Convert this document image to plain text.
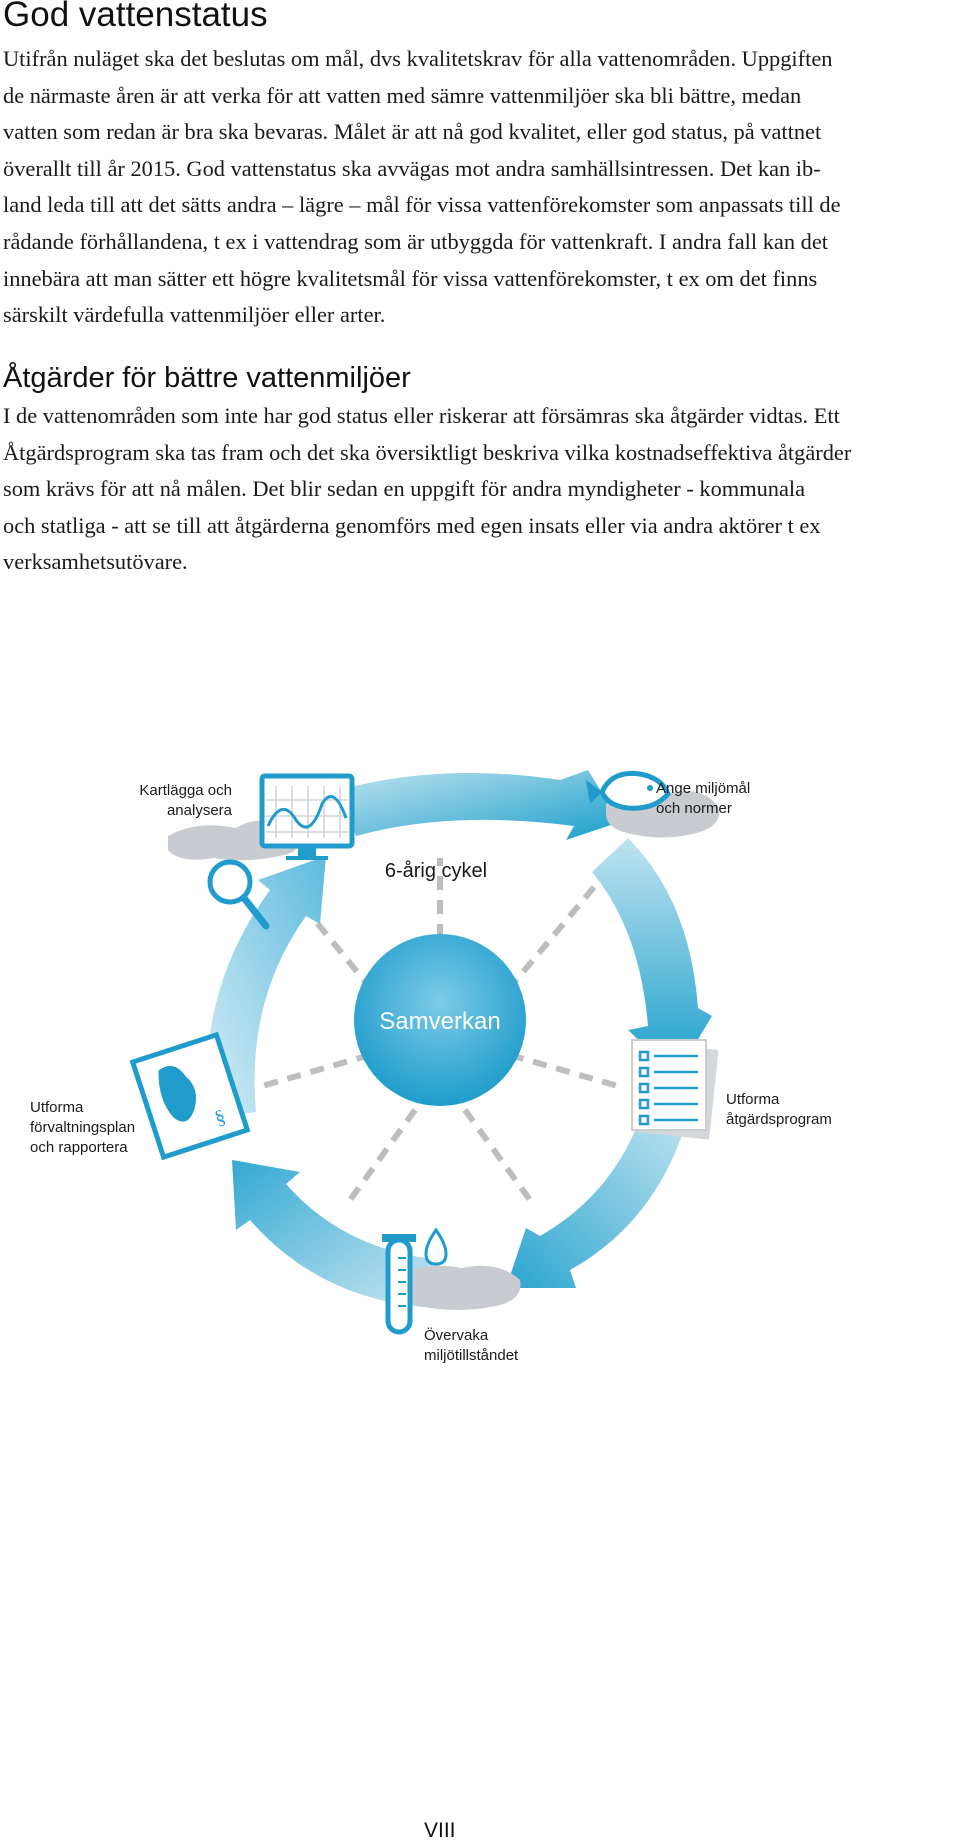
God vattenstatus

Utifrån nuläget ska det beslutas om mål, dvs kvalitetskrav för alla vattenområden. Uppgiften
de närmaste åren är att verka för att vatten med sämre vattenmiljöer ska bli bättre, medan
vatten som redan är bra ska bevaras. Målet är att nå god kvalitet, eller god status, på vattnet
överallt till år 2015. God vattenstatus ska avvägas mot andra samhällsintressen. Det kan ib-
land leda till att det sätts andra – lägre – mål för vissa vattenförekomster som anpassats till de
rådande förhållandena, t ex i vattendrag som är utbyggda för vattenkraft. I andra fall kan det
innebära att man sätter ett högre kvalitetsmål för vissa vattenförekomster, t ex om det finns
särskilt värdefulla vattenmiljöer eller arter.

Åtgärder för bättre vattenmiljöer

I de vattenområden som inte har god status eller riskerar att försämras ska åtgärder vidtas. Ett
Åtgärdsprogram ska tas fram och det ska översiktligt beskriva vilka kostnadseffektiva åtgärder
som krävs för att nå målen. Det blir sedan en uppgift för andra myndigheter - kommunala
och statliga - att se till att åtgärderna genomförs med egen insats eller via andra aktörer t ex
verksamhetsutövare.

Samverkan
6-årig cykel
§
Kartlägga och
analysera
Ange miljömål
och normer
Utforma
åtgärdsprogram
Övervaka
miljötillståndet
Utforma
förvaltningsplan
och rapportera

VIII
